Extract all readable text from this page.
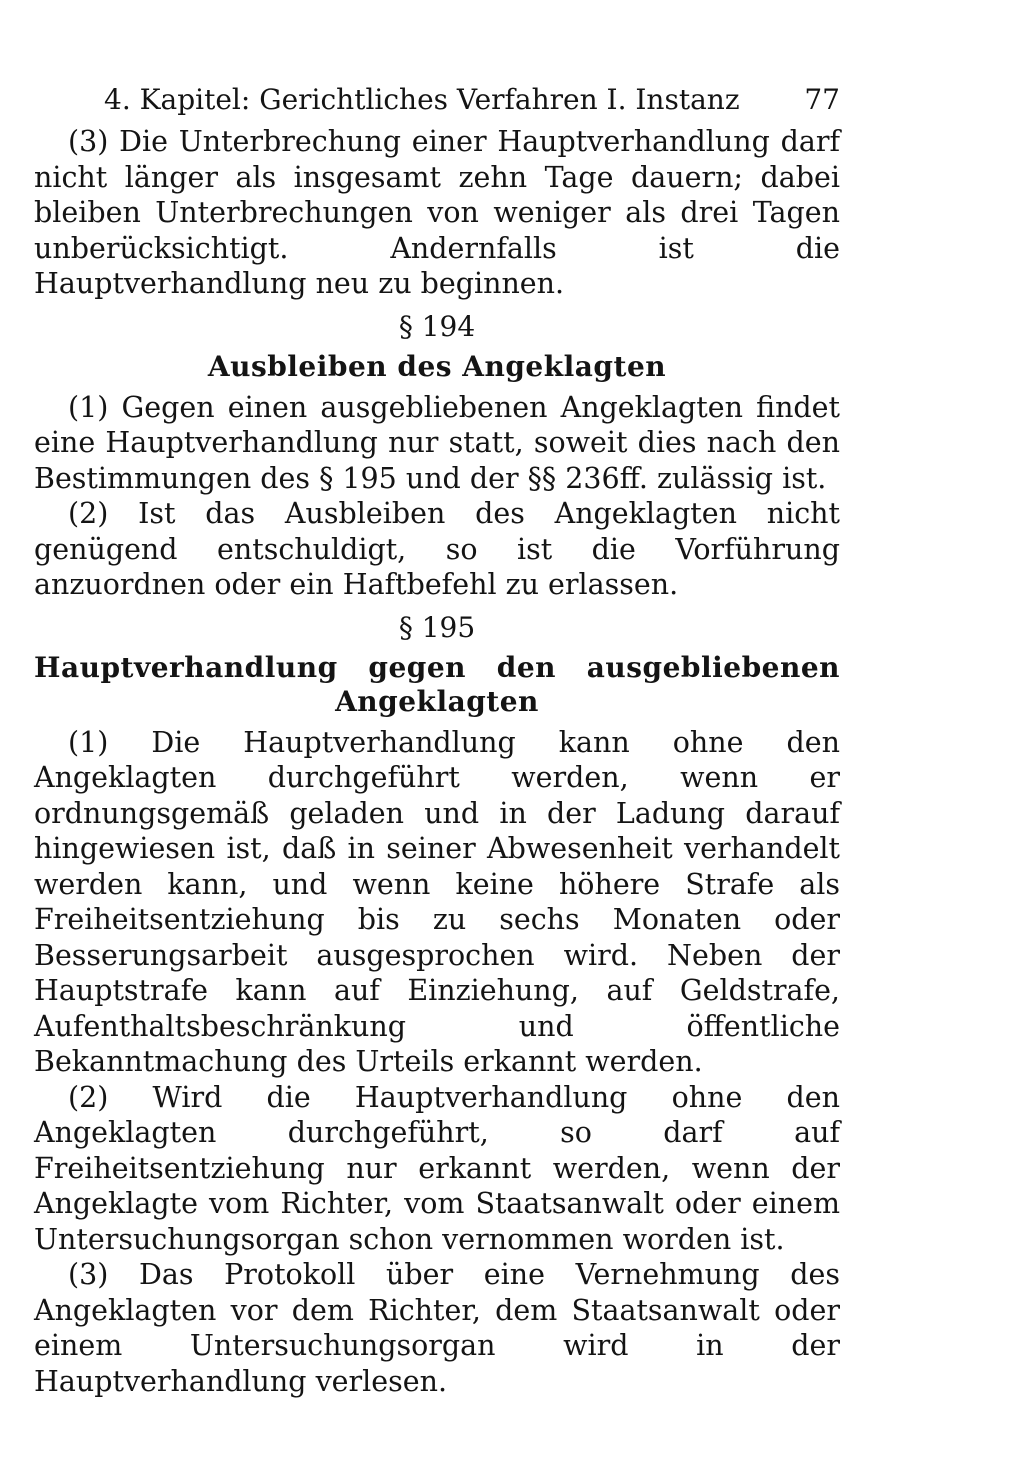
4. Kapitel: Gerichtliches Verfahren I. Instanz 77

(3) Die Unterbrechung einer Hauptverhandlung darf nicht länger als insgesamt zehn Tage dauern; dabei bleiben Unterbrechungen von weniger als drei Tagen unberücksichtigt. Andernfalls ist die Hauptverhandlung neu zu beginnen.

§ 194
Ausbleiben des Angeklagten

(1) Gegen einen ausgebliebenen Angeklagten findet eine Hauptverhandlung nur statt, soweit dies nach den Bestimmungen des § 195 und der §§ 236ff. zulässig ist.

(2) Ist das Ausbleiben des Angeklagten nicht genügend entschuldigt, so ist die Vorführung anzuordnen oder ein Haftbefehl zu erlassen.

§ 195
Hauptverhandlung gegen den ausgebliebenen Angeklagten

(1) Die Hauptverhandlung kann ohne den Angeklagten durchgeführt werden, wenn er ordnungsgemäß geladen und in der Ladung darauf hingewiesen ist, daß in seiner Abwesenheit verhandelt werden kann, und wenn keine höhere Strafe als Freiheitsentziehung bis zu sechs Monaten oder Besserungsarbeit ausgesprochen wird. Neben der Hauptstrafe kann auf Einziehung, auf Geldstrafe, Aufenthaltsbeschränkung und öffentliche Bekanntmachung des Urteils erkannt werden.

(2) Wird die Hauptverhandlung ohne den Angeklagten durchgeführt, so darf auf Freiheitsentziehung nur erkannt werden, wenn der Angeklagte vom Richter, vom Staatsanwalt oder einem Untersuchungsorgan schon vernommen worden ist.

(3) Das Protokoll über eine Vernehmung des Angeklagten vor dem Richter, dem Staatsanwalt oder einem Untersuchungsorgan wird in der Hauptverhandlung verlesen.
